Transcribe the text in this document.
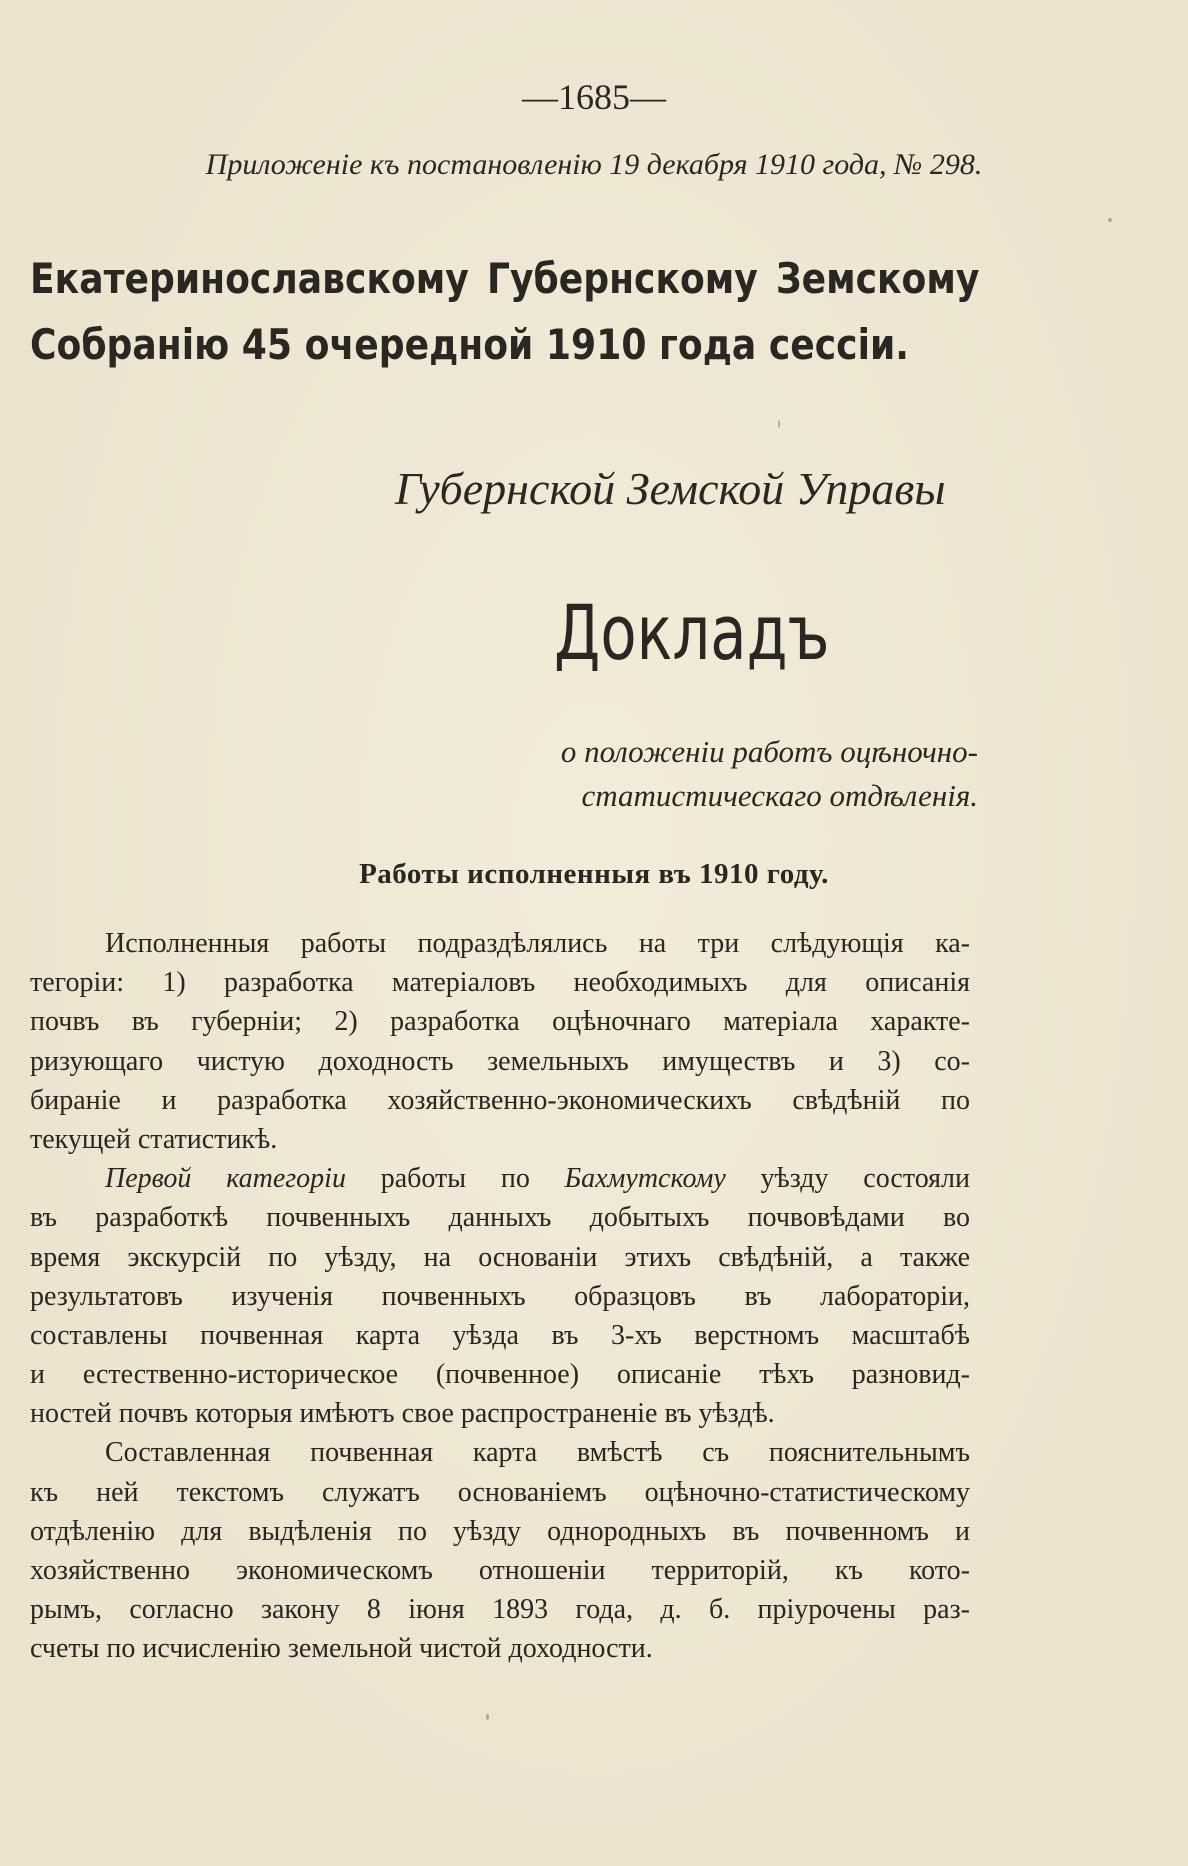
—1685—
Приложеніе къ постановленію 19 декабря 1910 года, № 298.
Екатеринославскому Губернскому Земскому Собранію 45 очередной 1910 года сессіи.
Губернской Земской Управы
Докладъ
о положеніи работъ оцѣночно-
статистическаго отдѣленія.
Работы исполненныя въ 1910 году.
Исполненныя работы подраздѣлялись на три слѣдующія ка-
тегоріи: 1) разработка матеріаловъ необходимыхъ для описанія
почвъ въ губерніи; 2) разработка оцѣночнаго матеріала характе-
ризующаго чистую доходность земельныхъ имуществъ и 3) со-
бираніе и разработка хозяйственно-экономическихъ свѣдѣній по
текущей статистикѣ.
Первой категоріи работы по Бахмутскому уѣзду состояли
въ разработкѣ почвенныхъ данныхъ добытыхъ почвовѣдами во
время экскурсій по уѣзду, на основаніи этихъ свѣдѣній, а также
результатовъ изученія почвенныхъ образцовъ въ лабораторіи,
составлены почвенная карта уѣзда въ 3-хъ верстномъ масштабѣ
и естественно-историческое (почвенное) описаніе тѣхъ разновид-
ностей почвъ которыя имѣютъ свое распространеніе въ уѣздѣ.
Составленная почвенная карта вмѣстѣ съ пояснительнымъ
къ ней текстомъ служатъ основаніемъ оцѣночно-статистическому
отдѣленію для выдѣленія по уѣзду однородныхъ въ почвенномъ и
хозяйственно экономическомъ отношеніи территорій, къ кото-
рымъ, согласно закону 8 іюня 1893 года, д. б. пріурочены раз-
счеты по исчисленію земельной чистой доходности.
